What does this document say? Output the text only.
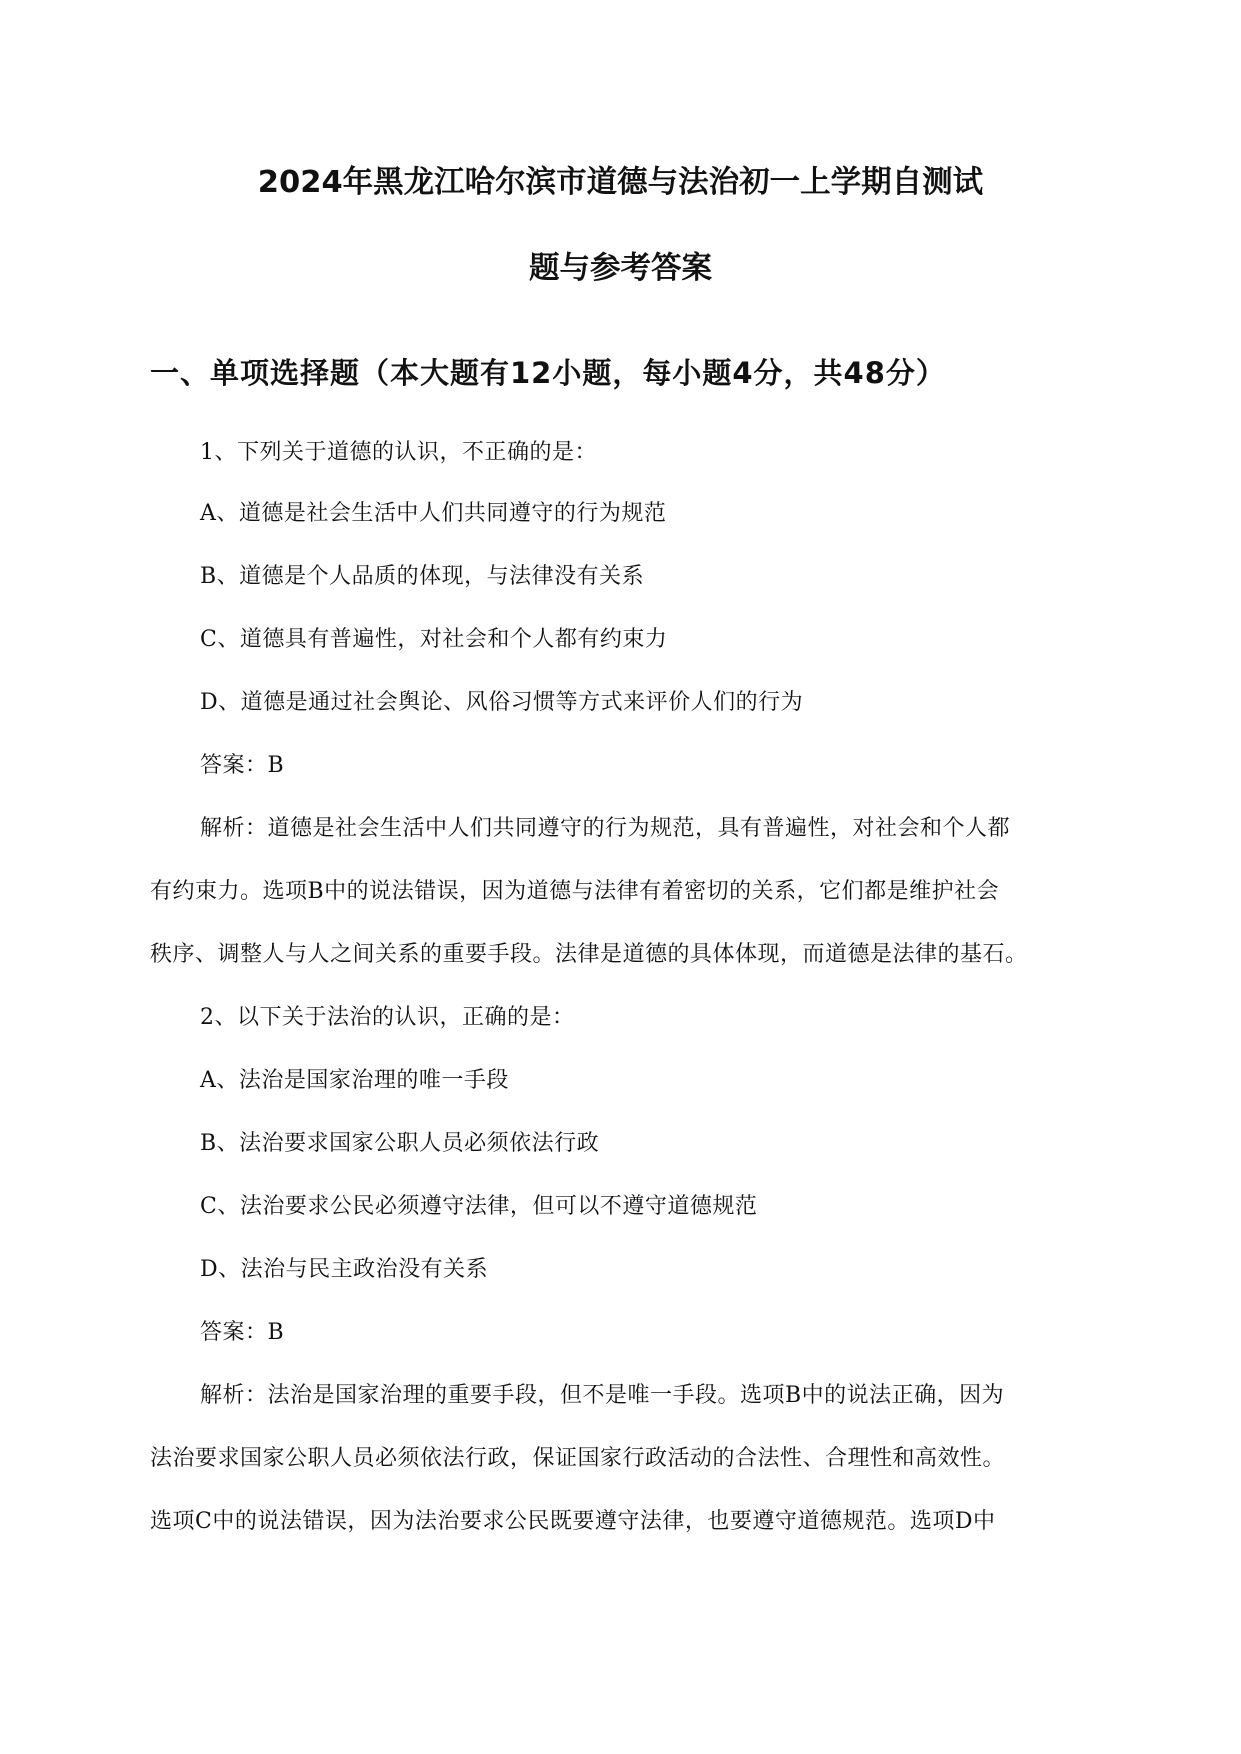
2024年黑龙江哈尔滨市道德与法治初一上学期自测试
题与参考答案
一、单项选择题（本大题有12小题，每小题4分，共48分）
1、下列关于道德的认识，不正确的是：
A、道德是社会生活中人们共同遵守的行为规范
B、道德是个人品质的体现，与法律没有关系
C、道德具有普遍性，对社会和个人都有约束力
D、道德是通过社会舆论、风俗习惯等方式来评价人们的行为
答案：B
解析：道德是社会生活中人们共同遵守的行为规范，具有普遍性，对社会和个人都
有约束力。选项B中的说法错误，因为道德与法律有着密切的关系，它们都是维护社会
秩序、调整人与人之间关系的重要手段。法律是道德的具体体现，而道德是法律的基石。
2、以下关于法治的认识，正确的是：
A、法治是国家治理的唯一手段
B、法治要求国家公职人员必须依法行政
C、法治要求公民必须遵守法律，但可以不遵守道德规范
D、法治与民主政治没有关系
答案：B
解析：法治是国家治理的重要手段，但不是唯一手段。选项B中的说法正确，因为
法治要求国家公职人员必须依法行政，保证国家行政活动的合法性、合理性和高效性。
选项C中的说法错误，因为法治要求公民既要遵守法律，也要遵守道德规范。选项D中
